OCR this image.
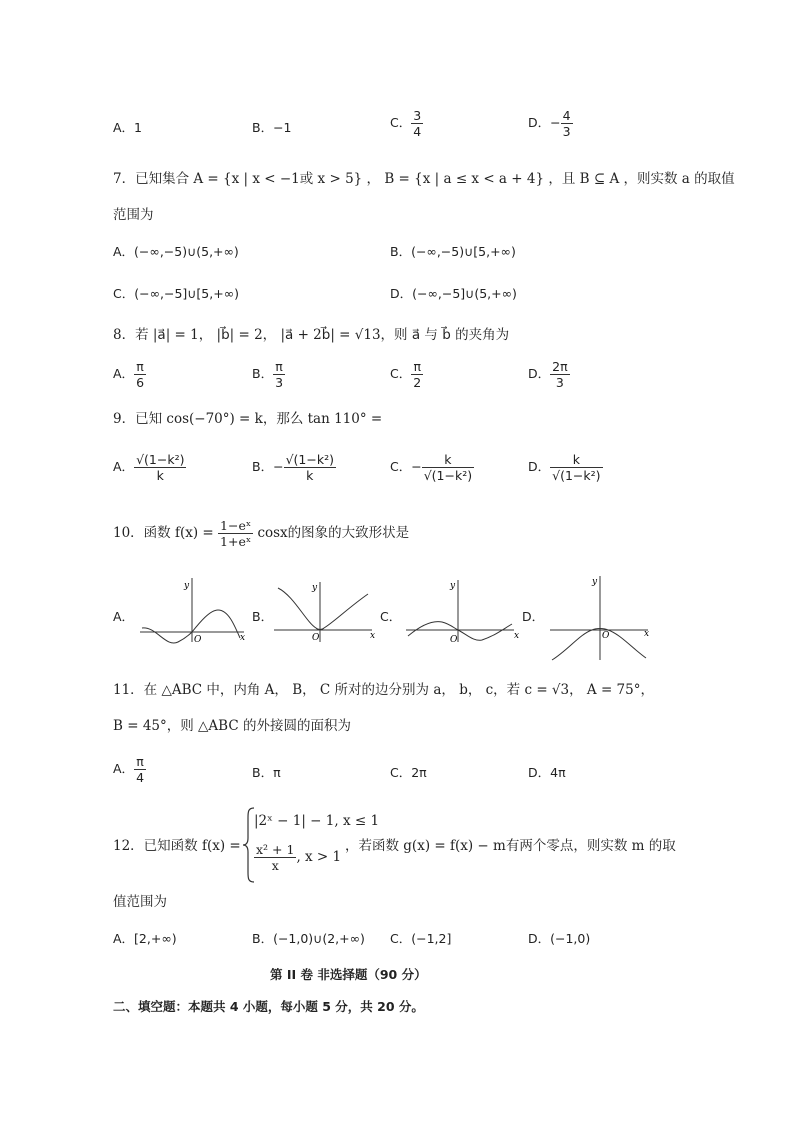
A．1	B．−1	C． $\frac{3}{4}$	D．− $\frac{4}{3}$
7．已知集合 A = {x | x < −1或 x > 5} ， B = {x | a ≤ x < a + 4} ，且 B ⊆ A ，则实数 a 的取值
范围为
A．(−∞,−5)∪(5,+∞)	B．(−∞,−5)∪[5,+∞)
C．(−∞,−5]∪[5,+∞)	D．(−∞,−5]∪(5,+∞)
8．若 |a⃗| = 1， |b⃗| = 2， |a⃗ + 2b⃗| = √13，则 a⃗ 与 b⃗ 的夹角为
A． $\frac{\pi}{6}$	B． $\frac{\pi}{3}$	C． $\frac{\pi}{2}$	D． $\frac{2\pi}{3}$
9．已知 cos(−70°) = k，那么 tan 110° =
A． $\frac{\text{√(1−k²)}}{k}$	B．− $\frac{\text{√(1−k²)}}{k}$	C．− $\frac{k}{\text{√(1−k²)}}$	D． $\frac{k}{\text{√(1−k²)}}$
10．函数 $f(x) = \frac{\text{1−eˣ}}{\text{1+eˣ}}$ cosx的图象的大致形状是
A．	B．	C．	D．
y
x
O
y
x
O
y
x
O
y
x
O
11．在 △ABC 中，内角 A， B， C 所对的边分别为 a， b， c，若 c = √3， A = 75°，
B = 45°，则 △ABC 的外接圆的面积为
A． $\frac{\pi}{4}$	B．π	C．2π	D．4π
12．已知函数 f(x) =
|2ˣ − 1| − 1, x ≤ 1
$\frac{\text{x² + 1}}{x}$ , x > 1
，若函数 g(x) = f(x) − m有两个零点，则实数 m 的取
值范围为
A．[2,+∞)	B．(−1,0)∪(2,+∞) C．(−1,2]	D．(−1,0)
第 II 卷 非选择题（90 分）
二、填空题：本题共 4 小题，每小题 5 分，共 20 分。
